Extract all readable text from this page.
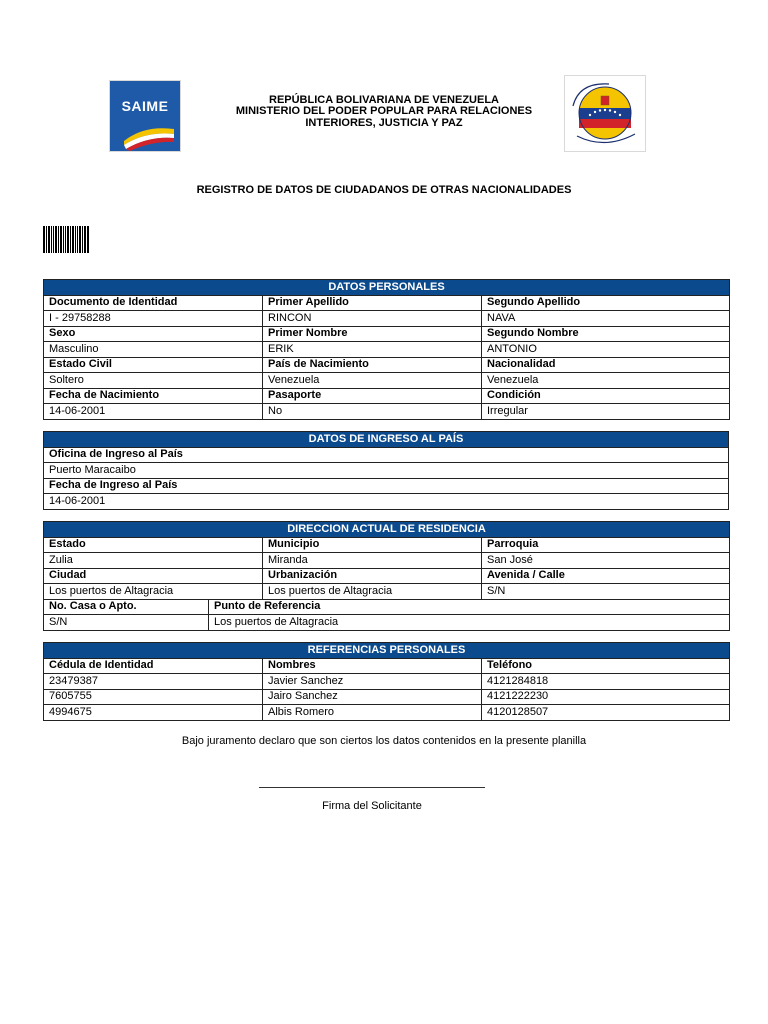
SAIME	REPÚBLICA BOLIVARIANA DE VENEZUELA
MINISTERIO DEL PODER POPULAR PARA RELACIONES
INTERIORES, JUSTICIA Y PAZ
REGISTRO DE DATOS DE CIUDADANOS DE OTRAS NACIONALIDADES
DATOS PERSONALES		
Documento de Identidad	Primer Apellido	Segundo Apellido
I - 29758288	RINCON	NAVA
Sexo	Primer Nombre	Segundo Nombre
Masculino	ERIK	ANTONIO
Estado Civil	País de Nacimiento	Nacionalidad
Soltero	Venezuela	Venezuela
Fecha de Nacimiento	Pasaporte	Condición
14-06-2001	No	Irregular
DATOS DE INGRESO AL PAÍS
Oficina de Ingreso al País
Puerto Maracaibo
Fecha de Ingreso al País
14-06-2001
DIRECCION ACTUAL DE RESIDENCIA			
Estado		Municipio	Parroquia
Zulia		Miranda	San José
Ciudad		Urbanización	Avenida / Calle
Los puertos de Altagracia		Los puertos de Altagracia	S/N
No. Casa o Apto.	Punto de Referencia		
S/N	Los puertos de Altagracia		
REFERENCIAS PERSONALES		
Cédula de Identidad	Nombres	Teléfono
23479387	Javier Sanchez	4121284818
7605755	Jairo Sanchez	4121222230
4994675	Albis Romero	4120128507
Bajo juramento declaro que son ciertos los datos contenidos en la presente planilla
Firma del Solicitante
